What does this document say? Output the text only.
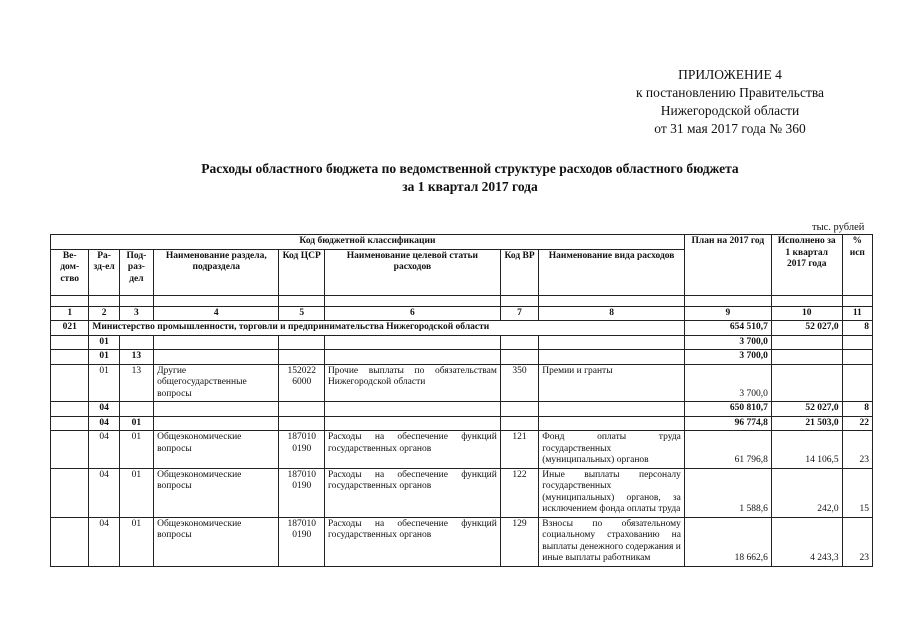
ПРИЛОЖЕНИЕ 4
к постановлению Правительства
Нижегородской области
от 31 мая 2017 года № 360
Расходы областного бюджета по ведомственной структуре расходов областного бюджета
за 1 квартал 2017 года
тыс. рублей
Код бюджетной классификации								План на 2017 год	Исполнено за 1 квартал 2017 года	% исп
Ве-дом-ство	Ра-зд-ел	Под-раз-дел	Наименование раздела, подраздела	Код ЦСР	Наименование целевой статьи расходов	Код ВР	Наименование вида расходов			

1	2	3	4	5	6	7	8	9	10	11
021	Министерство промышленности, торговли и предпринимательства Нижегородской области							654 510,7	52 027,0	8
	01							3 700,0		
	01	13						3 700,0		
	01	13	Другие общегосударственные вопросы	152022 6000	Прочие выплаты по обязательствам Нижегородской области	350	Премии и гранты	3 700,0		
	04							650 810,7	52 027,0	8
	04	01						96 774,8	21 503,0	22
	04	01	Общеэкономические вопросы	187010 0190	Расходы на обеспечение функций государственных органов	121	Фонд оплаты труда государственных (муниципальных) органов	61 796,8	14 106,5	23
	04	01	Общеэкономические вопросы	187010 0190	Расходы на обеспечение функций государственных органов	122	Иные выплаты персоналу государственных (муниципальных) органов, за исключением фонда оплаты труда	1 588,6	242,0	15
	04	01	Общеэкономические вопросы	187010 0190	Расходы на обеспечение функций государственных органов	129	Взносы по обязательному социальному страхованию на выплаты денежного содержания и иные выплаты работникам	18 662,6	4 243,3	23
